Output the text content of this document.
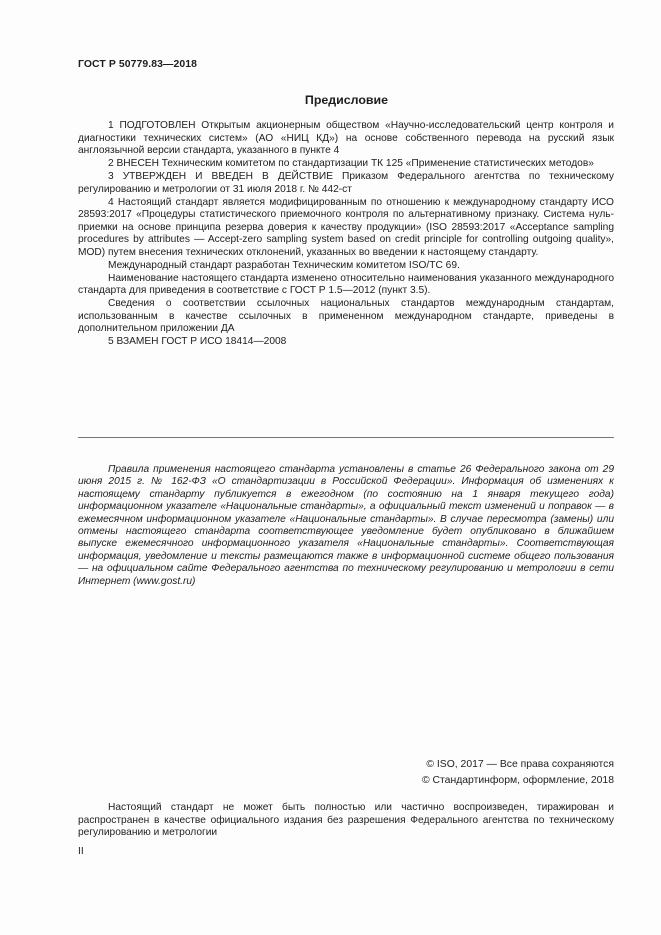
ГОСТ Р 50779.83—2018
Предисловие

1 ПОДГОТОВЛЕН Открытым акционерным обществом «Научно-исследовательский центр контроля и диагностики технических систем» (АО «НИЦ КД») на основе собственного перевода на русский язык англоязычной версии стандарта, указанного в пункте 4

2 ВНЕСЕН Техническим комитетом по стандартизации ТК 125 «Применение статистических методов»

3 УТВЕРЖДЕН И ВВЕДЕН В ДЕЙСТВИЕ Приказом Федерального агентства по техническому регулированию и метрологии от 31 июля 2018 г. № 442-ст

4 Настоящий стандарт является модифицированным по отношению к международному стандарту ИСО 28593:2017 «Процедуры статистического приемочного контроля по альтернативному признаку. Система нуль-приемки на основе принципа резерва доверия к качеству продукции» (ISO 28593:2017 «Acceptance sampling procedures by attributes — Accept-zero sampling system based on credit principle for controlling outgoing quality», MOD) путем внесения технических отклонений, указанных во введении к настоящему стандарту.

Международный стандарт разработан Техническим комитетом ISO/TC 69.

Наименование настоящего стандарта изменено относительно наименования указанного международного стандарта для приведения в соответствие с ГОСТ Р 1.5—2012 (пункт 3.5).

Сведения о соответствии ссылочных национальных стандартов международным стандартам, использованным в качестве ссылочных в примененном международном стандарте, приведены в дополнительном приложении ДА

5 ВЗАМЕН ГОСТ Р ИСО 18414—2008

Правила применения настоящего стандарта установлены в статье 26 Федерального закона от 29 июня 2015 г. № 162-ФЗ «О стандартизации в Российской Федерации». Информация об изменениях к настоящему стандарту публикуется в ежегодном (по состоянию на 1 января текущего года) информационном указателе «Национальные стандарты», а официальный текст изменений и поправок — в ежемесячном информационном указателе «Национальные стандарты». В случае пересмотра (замены) или отмены настоящего стандарта соответствующее уведомление будет опубликовано в ближайшем выпуске ежемесячного информационного указателя «Национальные стандарты». Соответствующая информация, уведомление и тексты размещаются также в информационной системе общего пользования — на официальном сайте Федерального агентства по техническому регулированию и метрологии в сети Интернет (www.gost.ru)

© ISO, 2017 — Все права сохраняются
© Стандартинформ, оформление, 2018

Настоящий стандарт не может быть полностью или частично воспроизведен, тиражирован и распространен в качестве официального издания без разрешения Федерального агентства по техническому регулированию и метрологии

II
